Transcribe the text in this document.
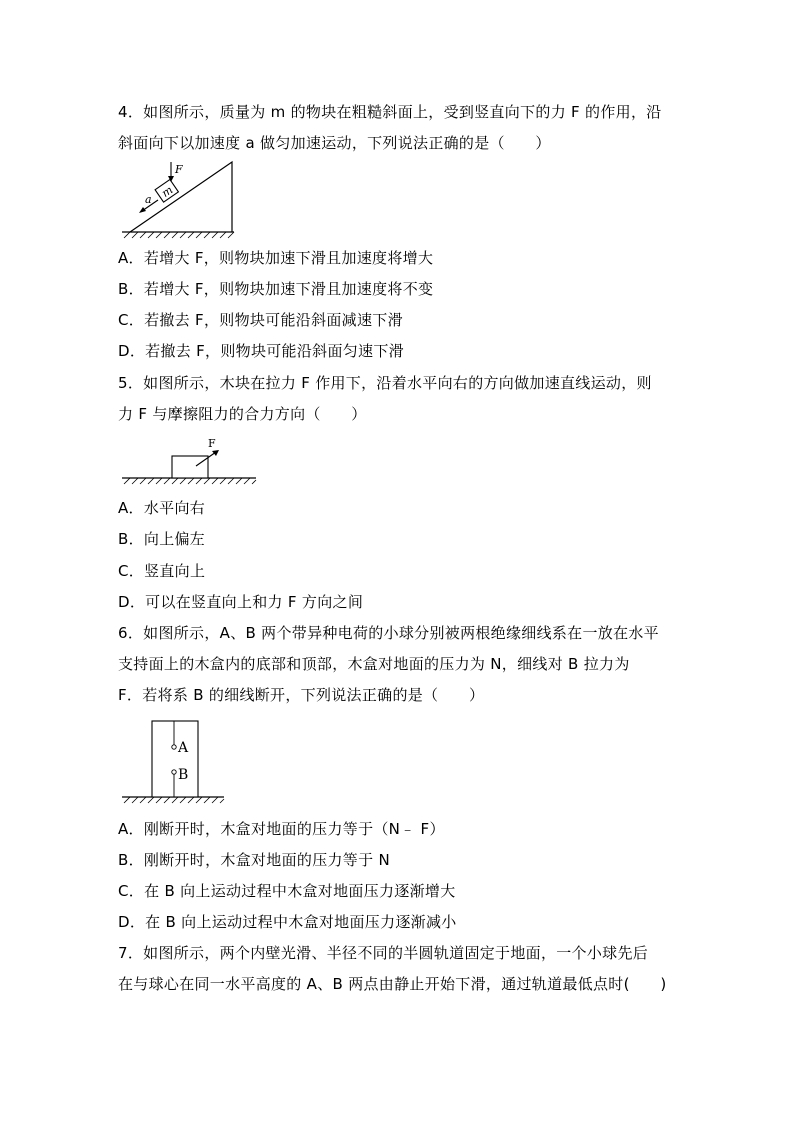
4．如图所示，质量为 m 的物块在粗糙斜面上，受到竖直向下的力 F 的作用，沿
斜面向下以加速度 a 做匀加速运动，下列说法正确的是（　　）
m
F
a
A．若增大 F，则物块加速下滑且加速度将增大
B．若增大 F，则物块加速下滑且加速度将不变
C．若撤去 F，则物块可能沿斜面减速下滑
D．若撤去 F，则物块可能沿斜面匀速下滑
5．如图所示，木块在拉力 F 作用下，沿着水平向右的方向做加速直线运动，则
力 F 与摩擦阻力的合力方向（　　）
F
A．水平向右
B．向上偏左
C．竖直向上
D．可以在竖直向上和力 F 方向之间
6．如图所示，A、B 两个带异种电荷的小球分别被两根绝缘细线系在一放在水平
支持面上的木盒内的底部和顶部，木盒对地面的压力为 N，细线对 B 拉力为
F．若将系 B 的细线断开，下列说法正确的是（　　）
A
B
A．刚断开时，木盒对地面的压力等于（N﹣ F）
B．刚断开时，木盒对地面的压力等于 N
C．在 B 向上运动过程中木盒对地面压力逐渐增大
D．在 B 向上运动过程中木盒对地面压力逐渐减小
7．如图所示，两个内壁光滑、半径不同的半圆轨道固定于地面，一个小球先后
在与球心在同一水平高度的 A、B 两点由静止开始下滑，通过轨道最低点时(　　)
